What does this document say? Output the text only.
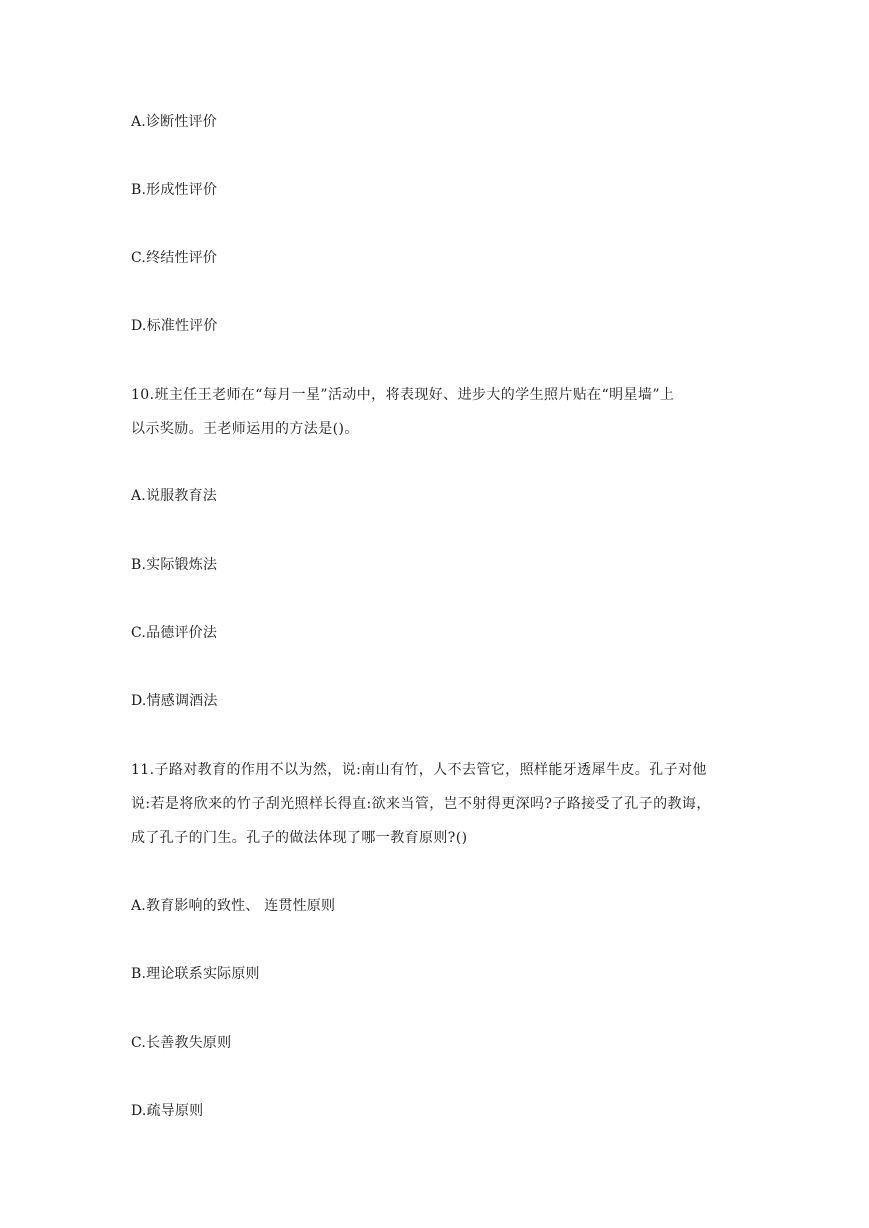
A.诊断性评价
B.形成性评价
C.终结性评价
D.标准性评价
10.班主任王老师在“每月一星”活动中，将表现好、进步大的学生照片贴在“明星墙”上
以示奖励。王老师运用的方法是()。
A.说服教育法
B.实际锻炼法
C.品德评价法
D.情感调酒法
11.子路对教育的作用不以为然，说:南山有竹，人不去管它，照样能牙透犀牛皮。孔子对他
说:若是将欣来的竹子刮光照样长得直:欲来当管，岂不射得更深吗?子路接受了孔子的教诲，
成了孔子的门生。孔子的做法体现了哪一教育原则?()
A.教育影响的致性、 连贯性原则
B.理论联系实际原则
C.长善教失原则
D.疏导原则
